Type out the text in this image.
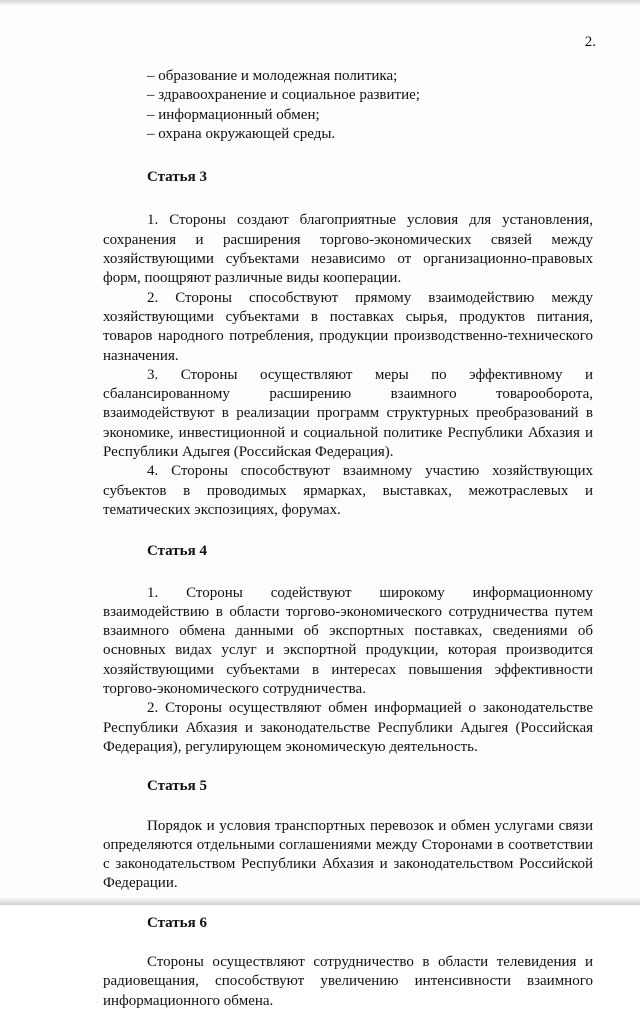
2.
– образование и молодежная политика;
– здравоохранение и социальное развитие;
– информационный обмен;
– охрана окружающей среды.

Статья 3

1. Стороны создают благоприятные условия для установления, сохранения и расширения торгово-экономических связей между хозяйствующими субъектами независимо от организационно-правовых форм, поощряют различные виды кооперации.

2. Стороны способствуют прямому взаимодействию между хозяйствующими субъектами в поставках сырья, продуктов питания, товаров народного потребления, продукции производственно-технического назначения.

3. Стороны осуществляют меры по эффективному и сбалансированному расширению взаимного товарооборота, взаимодействуют в реализации программ структурных преобразований в экономике, инвестиционной и социальной политике Республики Абхазия и Республики Адыгея (Российская Федерация).

4. Стороны способствуют взаимному участию хозяйствующих субъектов в проводимых ярмарках, выставках, межотраслевых и тематических экспозициях, форумах.

Статья 4

1. Стороны содействуют широкому информационному взаимодействию в области торгово-экономического сотрудничества путем взаимного обмена данными об экспортных поставках, сведениями об основных видах услуг и экспортной продукции, которая производится хозяйствующими субъектами в интересах повышения эффективности торгово-экономического сотрудничества.

2. Стороны осуществляют обмен информацией о законодательстве Республики Абхазия и законодательстве Республики Адыгея (Российская Федерация), регулирующем экономическую деятельность.

Статья 5

Порядок и условия транспортных перевозок и обмен услугами связи определяются отдельными соглашениями между Сторонами в соответствии с законодательством Республики Абхазия и законодательством Российской Федерации.

Статья 6

Стороны осуществляют сотрудничество в области телевидения и радиовещания, способствуют увеличению интенсивности взаимного информационного обмена.
